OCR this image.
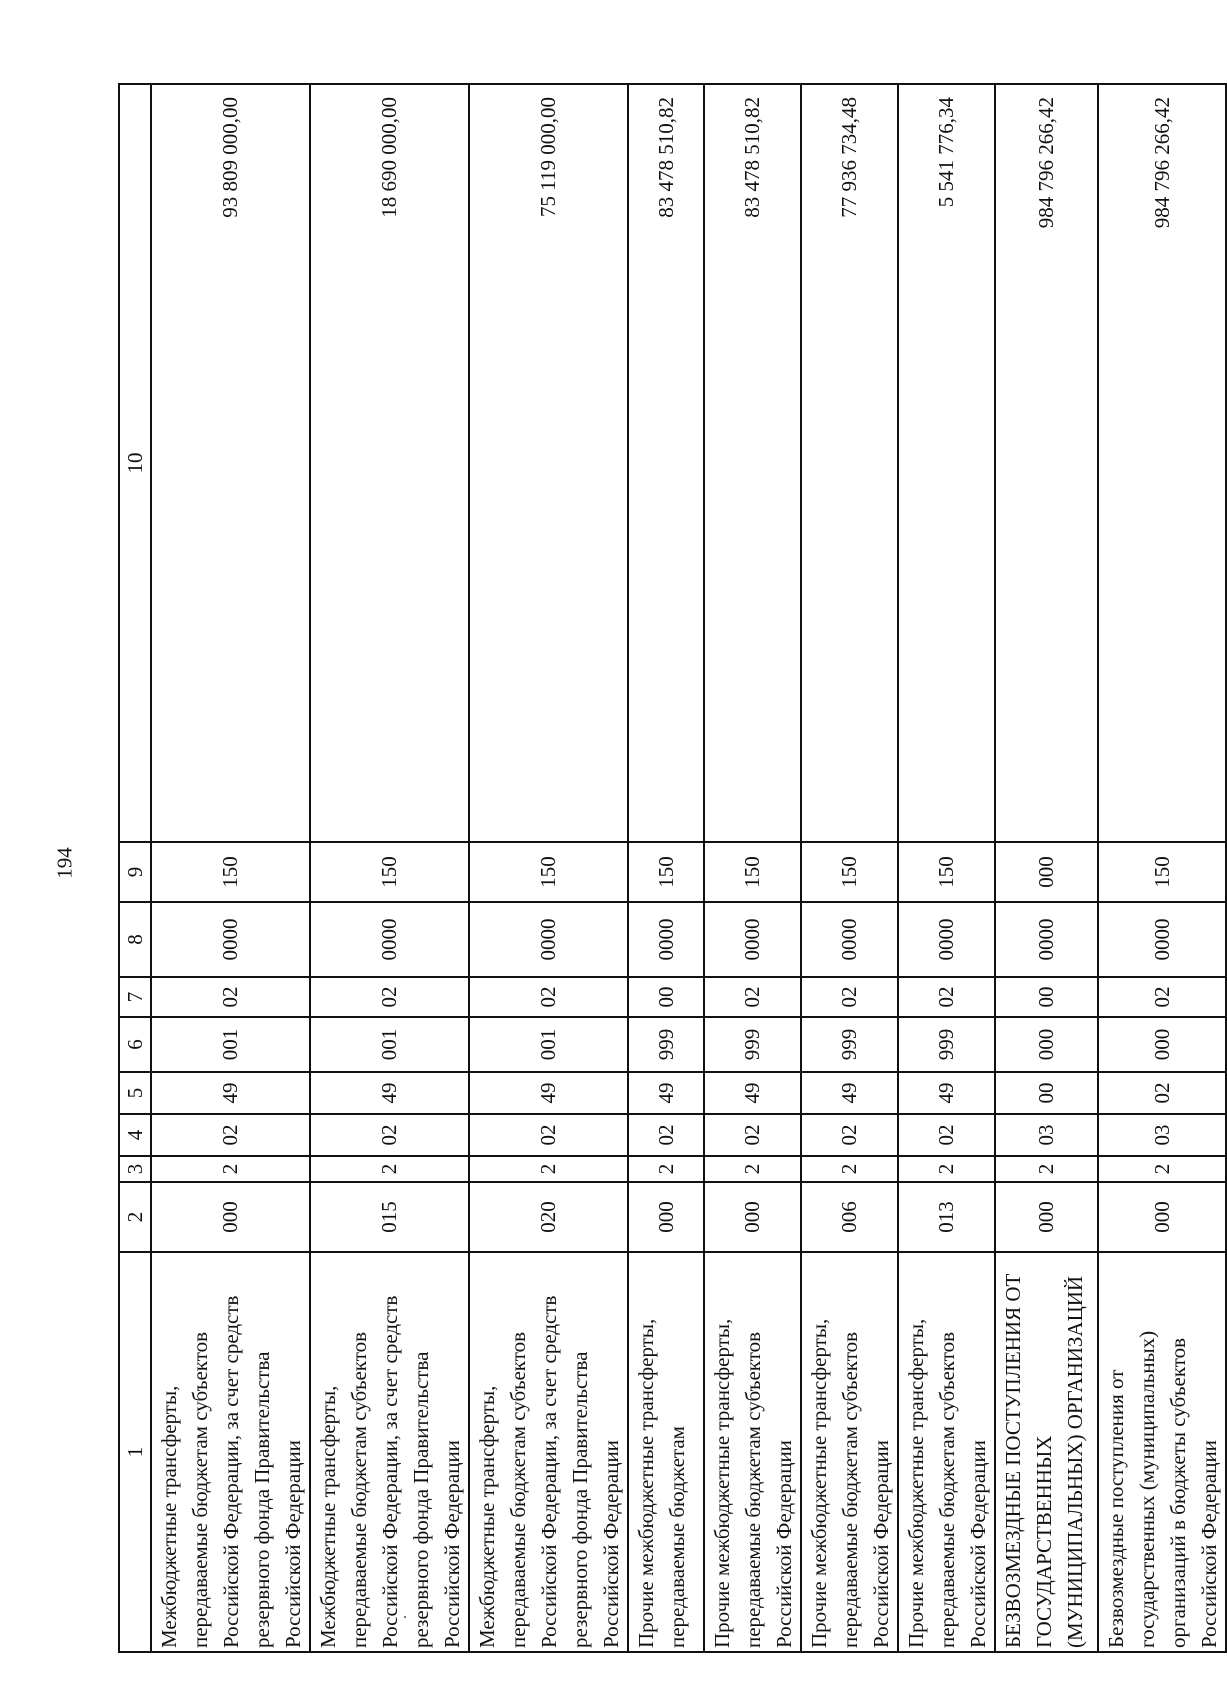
194
1	2	3	4	5	6	7	8	9	10
Межбюджетные трансферты, передаваемые бюджетам субъектов Российской Федерации, за счет средств резервного фонда Правительства Российской Федерации	000	2	02	49	001	02	0000	150	93 809 000,00
Межбюджетные трансферты, передаваемые бюджетам субъектов Российской Федерации, за счет средств резервного фонда Правительства Российской Федерации	015	2	02	49	001	02	0000	150	18 690 000,00
Межбюджетные трансферты, передаваемые бюджетам субъектов Российской Федерации, за счет средств резервного фонда Правительства Российской Федерации	020	2	02	49	001	02	0000	150	75 119 000,00
Прочие межбюджетные трансферты, передаваемые бюджетам	000	2	02	49	999	00	0000	150	83 478 510,82
Прочие межбюджетные трансферты, передаваемые бюджетам субъектов Российской Федерации	000	2	02	49	999	02	0000	150	83 478 510,82
Прочие межбюджетные трансферты, передаваемые бюджетам субъектов Российской Федерации	006	2	02	49	999	02	0000	150	77 936 734,48
Прочие межбюджетные трансферты, передаваемые бюджетам субъектов Российской Федерации	013	2	02	49	999	02	0000	150	5 541 776,34
БЕЗВОЗМЕЗДНЫЕ ПОСТУПЛЕНИЯ ОТ ГОСУДАРСТВЕННЫХ (МУНИЦИПАЛЬНЫХ) ОРГАНИЗАЦИЙ	000	2	03	00	000	00	0000	000	984 796 266,42
Безвозмездные поступления от государственных (муниципальных) организаций в бюджеты субъектов Российской Федерации	000	2	03	02	000	02	0000	150	984 796 266,42
